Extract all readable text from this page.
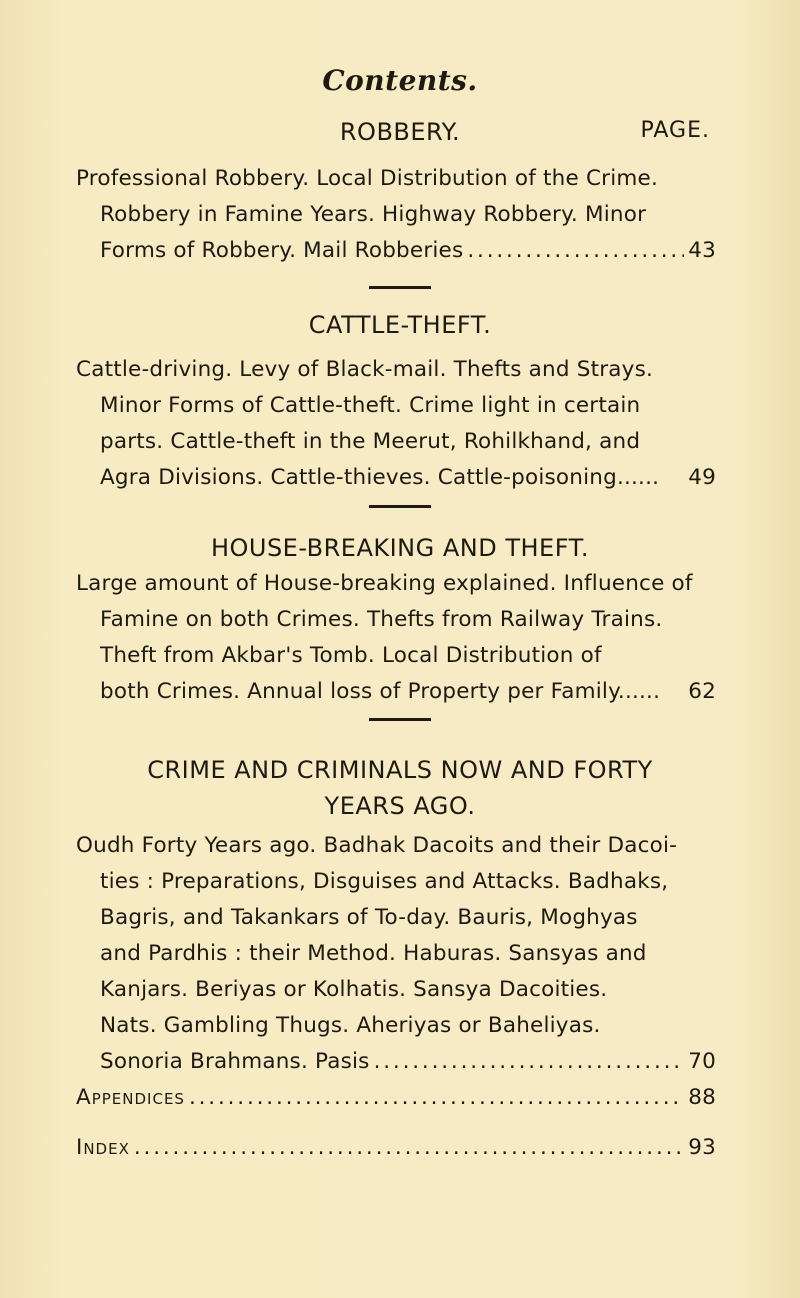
Contents.
ROBBERY.	PAGE.

Professional Robbery. Local Distribution of the Crime.

Robbery in Famine Years. Highway Robbery. Minor
Forms of Robbery. Mail Robberies . . .	43
CATTLE-THEFT.
Cattle-driving. Levy of Black-mail. Thefts and Strays.
Minor Forms of Cattle-theft. Crime light in certain
parts. Cattle-theft in the Meerut, Rohilkhand, and
Agra Divisions. Cattle-thieves. Cattle-poisoning...... 49
HOUSE-BREAKING AND THEFT.
Large amount of House-breaking explained. Influence of
Famine on both Crimes. Thefts from Railway Trains.
Theft from Akbar's Tomb. Local Distribution of
both Crimes. Annual loss of Property per Family...... 62
CRIME AND CRIMINALS NOW AND FORTY
YEARS AGO.
Oudh Forty Years ago. Badhak Dacoits and their Dacoi-
ties : Preparations, Disguises and Attacks. Badhaks,
Bagris, and Takankars of To-day. Bauris, Moghyas
and Pardhis : their Method. Haburas. Sansyas and
Kanjars. Beriyas or Kolhatis. Sansya Dacoities.
Nats. Gambling Thugs. Aheriyas or Baheliyas.
Sonoria Brahmans. Pasis . . .	70
Appendices . . .	88
Index . . .	93
